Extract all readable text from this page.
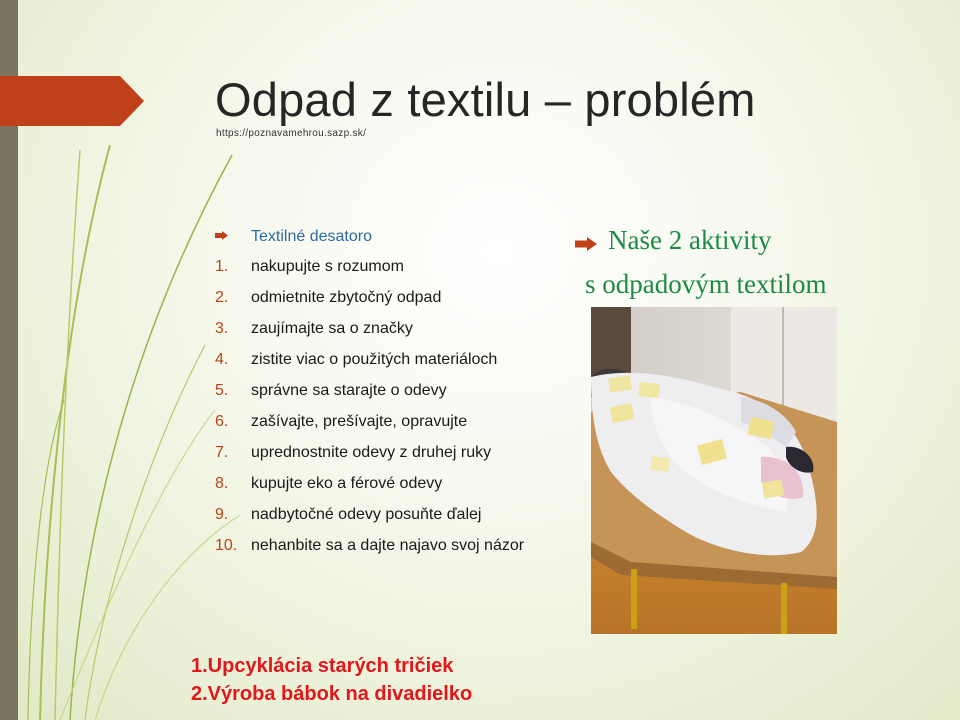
Odpad z textilu – problém
https://poznavamehrou.sazp.sk/
Textilné desatoro
1. nakupujte s rozumom
2. odmietnite zbytočný odpad
3. zaujímajte sa o značky
4. zistite viac o použitých materiáloch
5. správne sa starajte o odevy
6. zašívajte, prešívajte, opravujte
7. uprednostnite odevy z druhej ruky
8. kupujte eko a férové odevy
9. nadbytočné odevy posuňte ďalej
10. nehanbite sa a dajte najavo svoj názor
Naše 2 aktivity
s odpadovým textilom
1.Upcyklácia starých tričiek
2.Výroba bábok na divadielko
